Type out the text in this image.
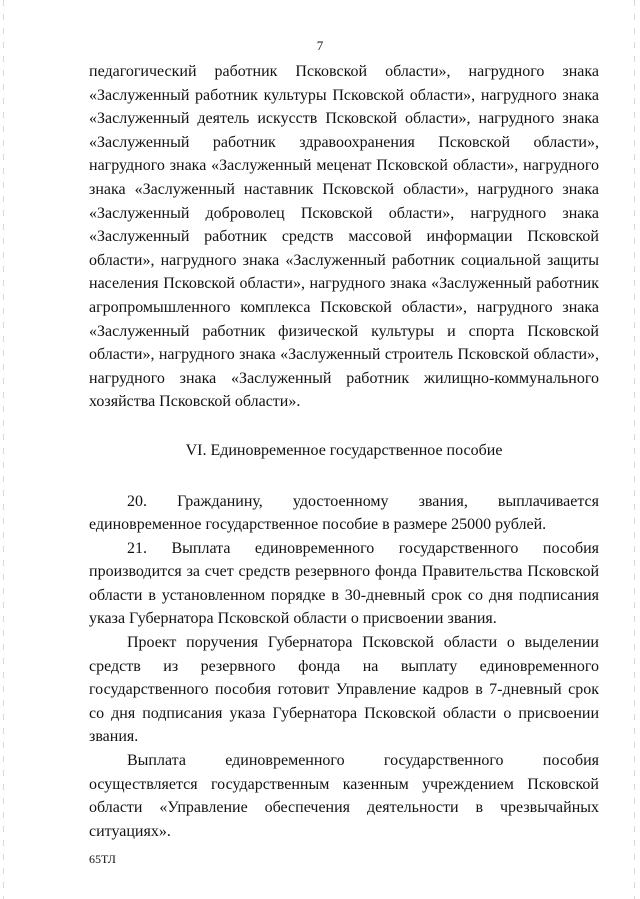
7

педагогический работник Псковской области», нагрудного знака «Заслуженный работник культуры Псковской области», нагрудного знака «Заслуженный деятель искусств Псковской области», нагрудного знака «Заслуженный работник здравоохранения Псковской области», нагрудного знака «Заслуженный меценат Псковской области», нагрудного знака «Заслуженный наставник Псковской области», нагрудного знака «Заслуженный доброволец Псковской области», нагрудного знака «Заслуженный работник средств массовой информации Псковской области», нагрудного знака «Заслуженный работник социальной защиты населения Псковской области», нагрудного знака «Заслуженный работник агропромышленного комплекса Псковской области», нагрудного знака «Заслуженный работник физической культуры и спорта Псковской области», нагрудного знака «Заслуженный строитель Псковской области», нагрудного знака «Заслуженный работник жилищно-коммунального хозяйства Псковской области».

VI. Единовременное государственное пособие

20. Гражданину, удостоенному звания, выплачивается единовременное государственное пособие в размере 25000 рублей.

21. Выплата единовременного государственного пособия производится за счет средств резервного фонда Правительства Псковской области в установленном порядке в 30-дневный срок со дня подписания указа Губернатора Псковской области о присвоении звания.

Проект поручения Губернатора Псковской области о выделении средств из резервного фонда на выплату единовременного государственного пособия готовит Управление кадров в 7-дневный срок со дня подписания указа Губернатора Псковской области о присвоении звания.

Выплата единовременного государственного пособия осуществляется государственным казенным учреждением Псковской области «Управление обеспечения деятельности в чрезвычайных ситуациях».

65ТЛ
